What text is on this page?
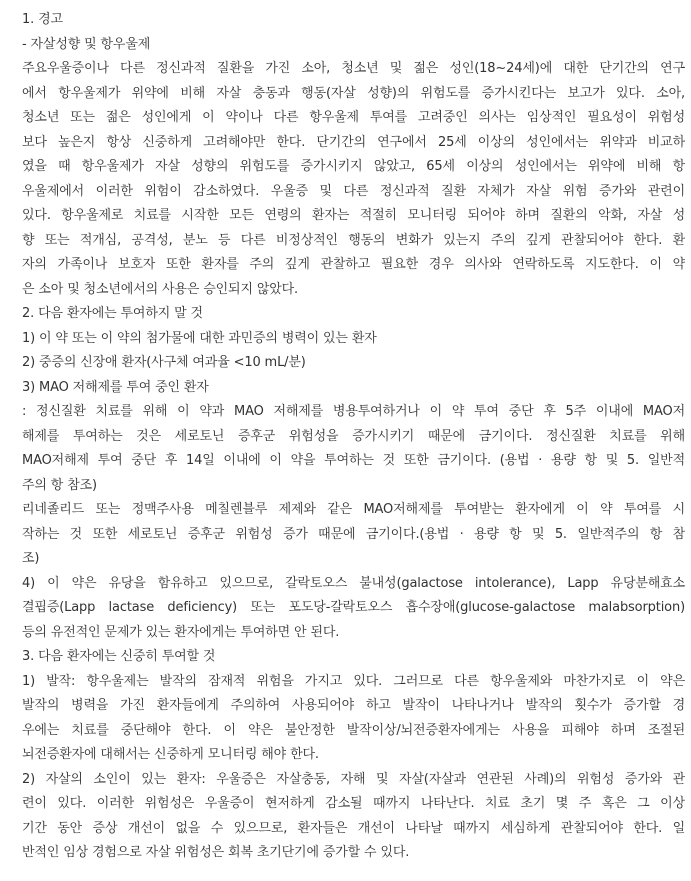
1. 경고
- 자살성향 및 항우울제
주요우울증이나 다른 정신과적 질환을 가진 소아, 청소년 및 젊은 성인(18~24세)에 대한 단기간의 연구
에서 항우울제가 위약에 비해 자살 충동과 행동(자살 성향)의 위험도를 증가시킨다는 보고가 있다. 소아,
청소년 또는 젊은 성인에게 이 약이나 다른 항우울제 투여를 고려중인 의사는 임상적인 필요성이 위험성
보다 높은지 항상 신중하게 고려해야만 한다. 단기간의 연구에서 25세 이상의 성인에서는 위약과 비교하
였을 때 항우울제가 자살 성향의 위험도를 증가시키지 않았고, 65세 이상의 성인에서는 위약에 비해 항
우울제에서 이러한 위험이 감소하였다. 우울증 및 다른 정신과적 질환 자체가 자살 위험 증가와 관련이
있다. 항우울제로 치료를 시작한 모든 연령의 환자는 적절히 모니터링 되어야 하며 질환의 악화, 자살 성
향 또는 적개심, 공격성, 분노 등 다른 비정상적인 행동의 변화가 있는지 주의 깊게 관찰되어야 한다. 환
자의 가족이나 보호자 또한 환자를 주의 깊게 관찰하고 필요한 경우 의사와 연락하도록 지도한다. 이 약
은 소아 및 청소년에서의 사용은 승인되지 않았다.
2. 다음 환자에는 투여하지 말 것
1) 이 약 또는 이 약의 첨가물에 대한 과민증의 병력이 있는 환자
2) 중증의 신장애 환자(사구체 여과율 <10 mL/분)
3) MAO 저해제를 투여 중인 환자
: 정신질환 치료를 위해 이 약과 MAO 저해제를 병용투여하거나 이 약 투여 중단 후 5주 이내에 MAO저
해제를 투여하는 것은 세로토닌 증후군 위험성을 증가시키기 때문에 금기이다. 정신질환 치료를 위해
MAO저해제 투여 중단 후 14일 이내에 이 약을 투여하는 것 또한 금기이다. (용법 · 용량 항 및 5. 일반적
주의 항 참조)
리네졸리드 또는 정맥주사용 메칠렌블루 제제와 같은 MAO저해제를 투여받는 환자에게 이 약 투여를 시
작하는 것 또한 세로토닌 증후군 위험성 증가 때문에 금기이다.(용법 · 용량 항 및 5. 일반적주의 항 참
조)
4) 이 약은 유당을 함유하고 있으므로, 갈락토오스 불내성(galactose intolerance), Lapp 유당분해효소
결핍증(Lapp lactase deficiency) 또는 포도당-갈락토오스 흡수장애(glucose-galactose malabsorption)
등의 유전적인 문제가 있는 환자에게는 투여하면 안 된다.
3. 다음 환자에는 신중히 투여할 것
1) 발작: 항우울제는 발작의 잠재적 위험을 가지고 있다. 그러므로 다른 항우울제와 마찬가지로 이 약은
발작의 병력을 가진 환자들에게 주의하여 사용되어야 하고 발작이 나타나거나 발작의 횟수가 증가할 경
우에는 치료를 중단해야 한다. 이 약은 불안정한 발작이상/뇌전증환자에게는 사용을 피해야 하며 조절된
뇌전증환자에 대해서는 신중하게 모니터링 해야 한다.
2) 자살의 소인이 있는 환자: 우울증은 자살충동, 자해 및 자살(자살과 연관된 사례)의 위험성 증가와 관
련이 있다. 이러한 위험성은 우울증이 현저하게 감소될 때까지 나타난다. 치료 초기 몇 주 혹은 그 이상
기간 동안 증상 개선이 없을 수 있으므로, 환자들은 개선이 나타날 때까지 세심하게 관찰되어야 한다. 일
반적인 임상 경험으로 자살 위험성은 회복 초기단기에 증가할 수 있다.
